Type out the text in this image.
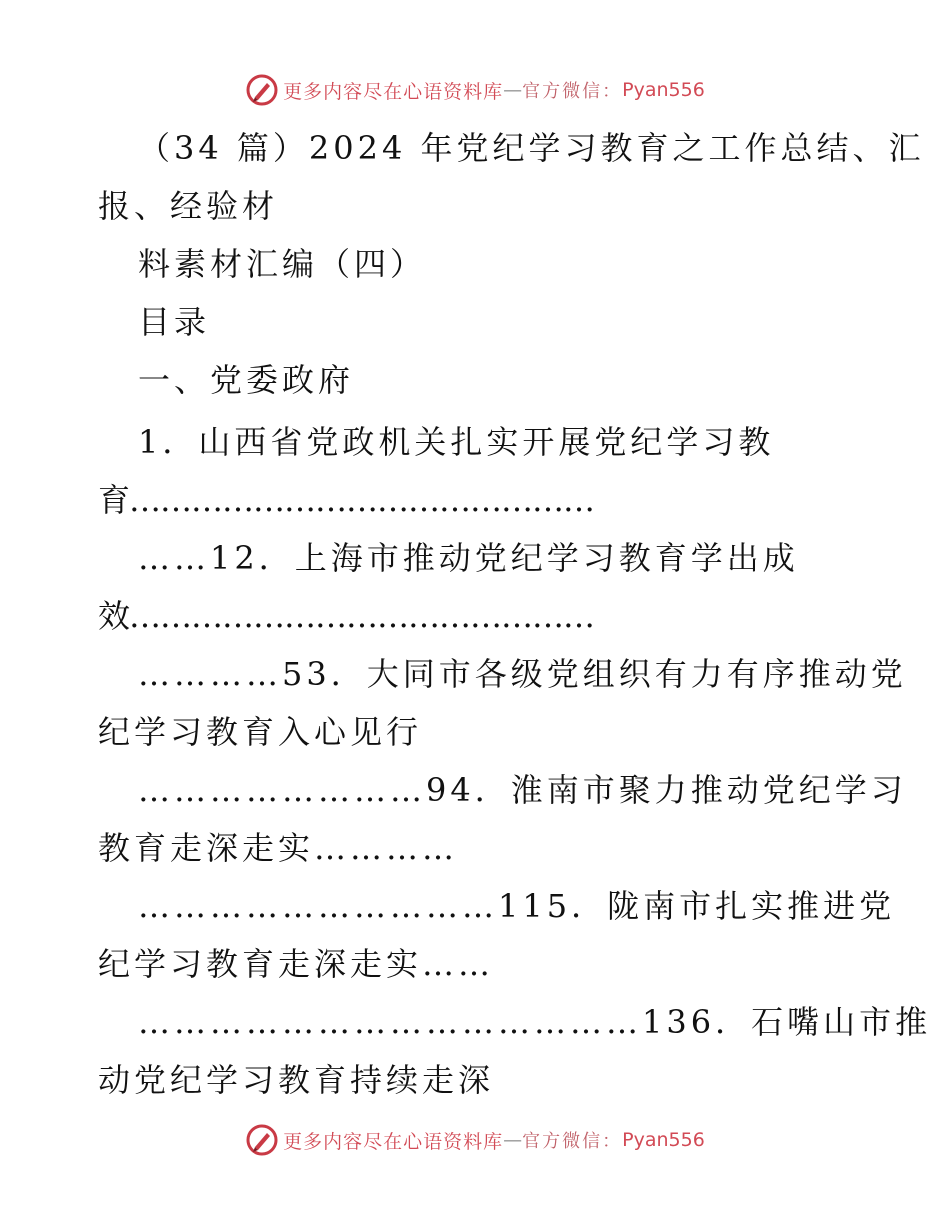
更多内容尽在心语资料库 — 官方微信： Pyan556
（34 篇）2024 年党纪学习教育之工作总结、汇
报、经验材
料素材汇编（四）
目录
一、党委政府
1．山西省党政机关扎实开展党纪学习教
育………………………………………
……12．上海市推动党纪学习教育学出成
效………………………………………
…………53．大同市各级党组织有力有序推动党
纪学习教育入心见行
……………………94．淮南市聚力推动党纪学习
教育走深走实…………
…………………………115．陇南市扎实推进党
纪学习教育走深走实……
……………………………………136．石嘴山市推
动党纪学习教育持续走深
更多内容尽在心语资料库 — 官方微信： Pyan556
